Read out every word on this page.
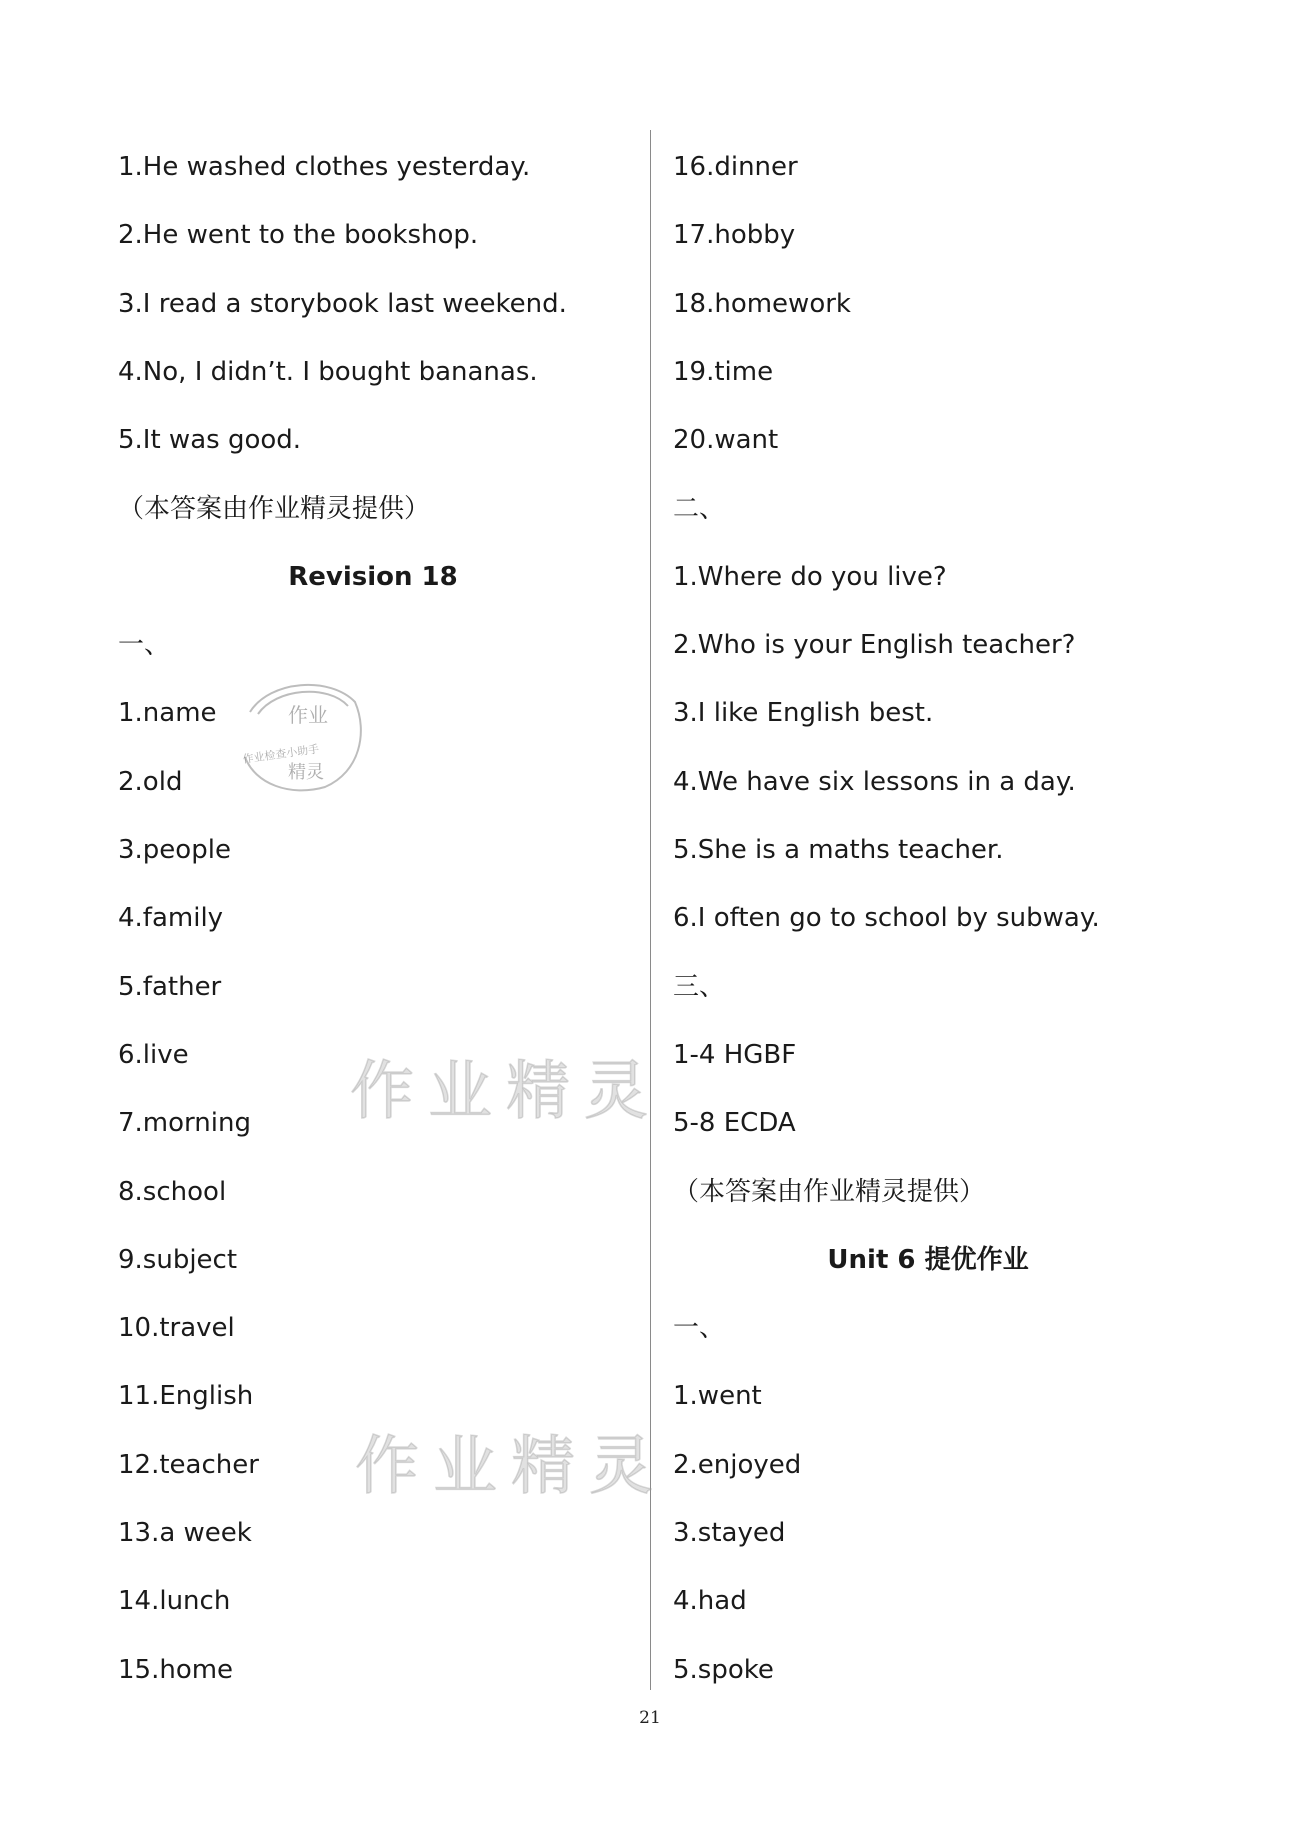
1.He washed clothes yesterday.
2.He went to the bookshop.
3.I read a storybook last weekend.
4.No, I didn’t. I bought bananas.
5.It was good.
（本答案由作业精灵提供）
Revision 18
一、
1.name
2.old
3.people
4.family
5.father
6.live
7.morning
8.school
9.subject
10.travel
11.English
12.teacher
13.a week
14.lunch
15.home
16.dinner
17.hobby
18.homework
19.time
20.want
二、
1.Where do you live?
2.Who is your English teacher?
3.I like English best.
4.We have six lessons in a day.
5.She is a maths teacher.
6.I often go to school by subway.
三、
1-4 HGBF
5-8 ECDA
（本答案由作业精灵提供）
Unit 6 提优作业
一、
1.went
2.enjoyed
3.stayed
4.had
5.spoke
作业
作业检查小助手
精灵
作业精灵
作业精灵
21
